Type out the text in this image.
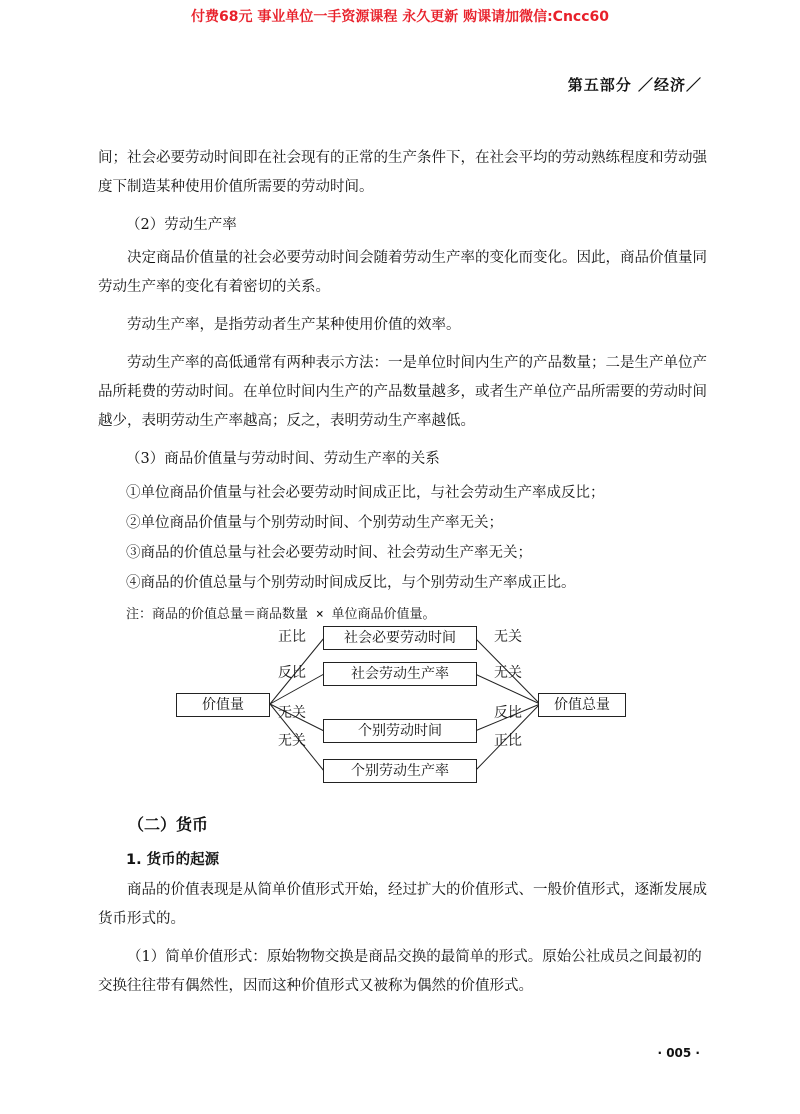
付费68元 事业单位一手资源课程 永久更新 购课请加微信:Cncc60
第五部分 ／经济／

间；社会必要劳动时间即在社会现有的正常的生产条件下，在社会平均的劳动熟练程度和劳动强度下制造某种使用价值所需要的劳动时间。

（2）劳动生产率

决定商品价值量的社会必要劳动时间会随着劳动生产率的变化而变化。因此，商品价值量同劳动生产率的变化有着密切的关系。

劳动生产率，是指劳动者生产某种使用价值的效率。

劳动生产率的高低通常有两种表示方法：一是单位时间内生产的产品数量；二是生产单位产品所耗费的劳动时间。在单位时间内生产的产品数量越多，或者生产单位产品所需要的劳动时间越少，表明劳动生产率越高；反之，表明劳动生产率越低。

（3）商品价值量与劳动时间、劳动生产率的关系

①单位商品价值量与社会必要劳动时间成正比，与社会劳动生产率成反比；

②单位商品价值量与个别劳动时间、个别劳动生产率无关；

③商品的价值总量与社会必要劳动时间、社会劳动生产率无关；

④商品的价值总量与个别劳动时间成反比，与个别劳动生产率成正比。

注：商品的价值总量＝商品数量 × 单位商品价值量。

价值量	价值总量
社会必要劳动时间
社会劳动生产率
个别劳动时间
个别劳动生产率
正比
反比
无关
无关
无关
无关
反比
正比
（二）货币
1. 货币的起源

商品的价值表现是从简单价值形式开始，经过扩大的价值形式、一般价值形式，逐渐发展成货币形式的。

（1）简单价值形式：原始物物交换是商品交换的最简单的形式。原始公社成员之间最初的交换往往带有偶然性，因而这种价值形式又被称为偶然的价值形式。

· 005 ·
